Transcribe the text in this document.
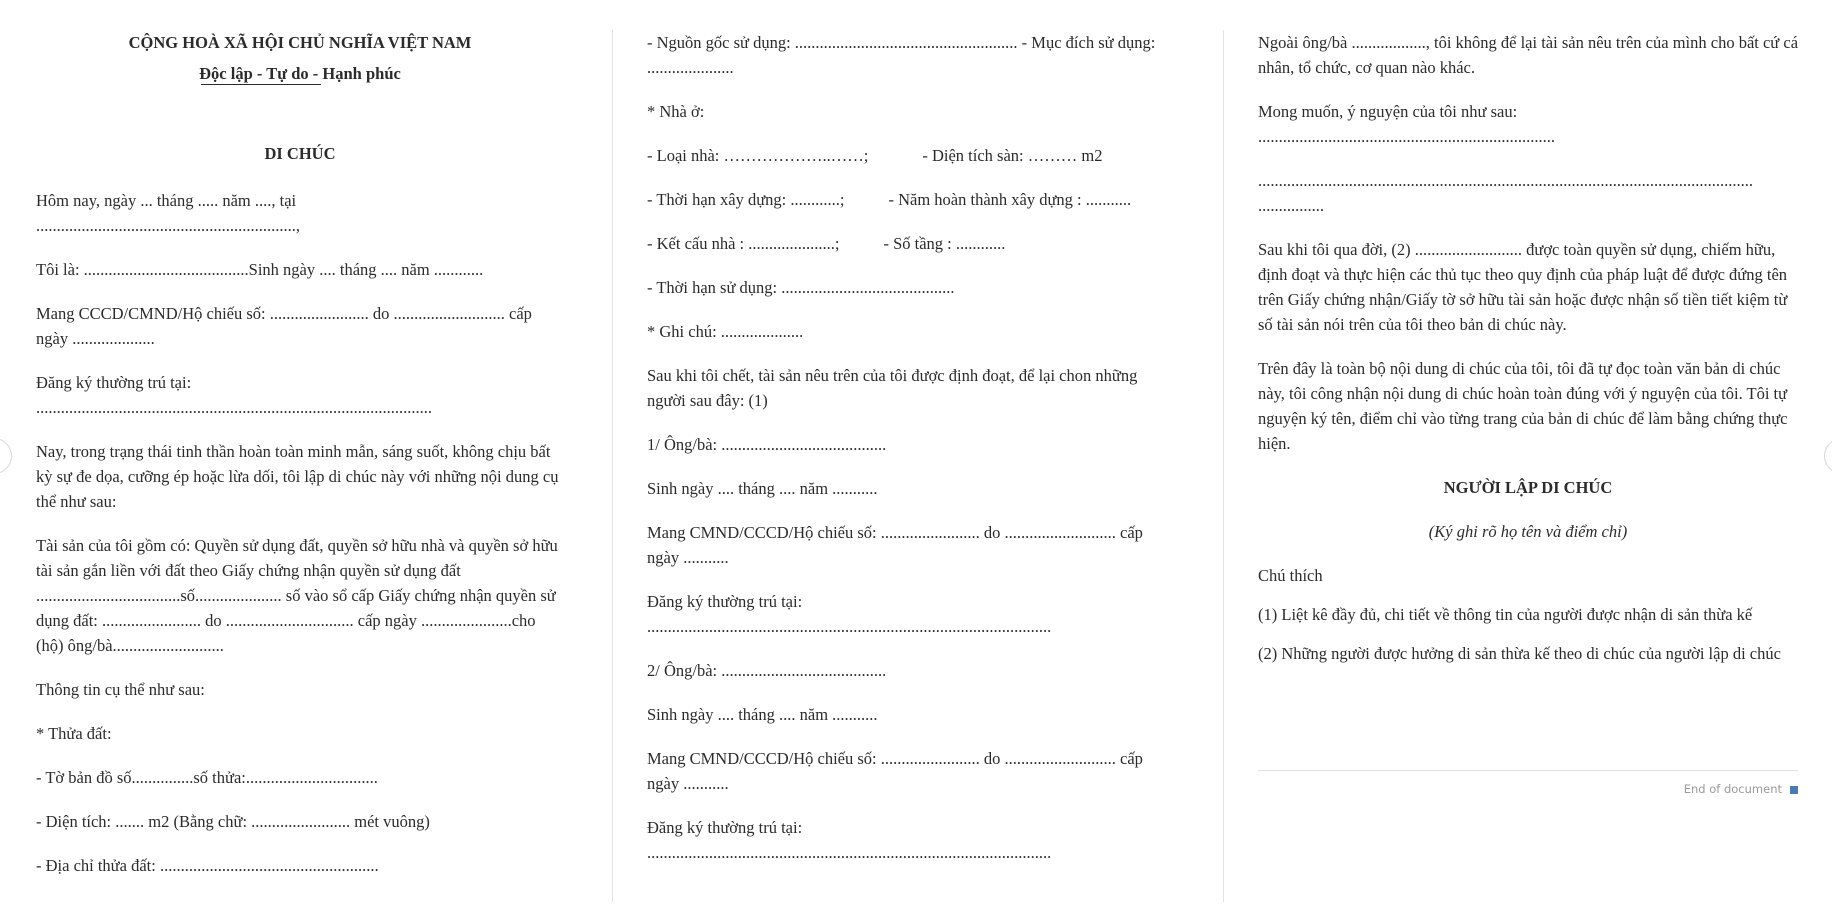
CỘNG HOÀ XÃ HỘI CHỦ NGHĨA VIỆT NAM
Độc lập - Tự do - Hạnh phúc
DI CHÚC
Hôm nay, ngày ... tháng ..... năm ...., tại ...............................................................,
Tôi là: ........................................Sinh ngày .... tháng .... năm ............
Mang CCCD/CMND/Hộ chiếu số: ........................ do ........................... cấp ngày ....................
Đăng ký thường trú tại: ................................................................................................
Nay, trong trạng thái tinh thần hoàn toàn minh mẫn, sáng suốt, không chịu bất kỳ sự đe dọa, cưỡng ép hoặc lừa dối, tôi lập di chúc này với những nội dung cụ thể như sau:
Tài sản của tôi gồm có: Quyền sử dụng đất, quyền sở hữu nhà và quyền sở hữu tài sản gắn liền với đất theo Giấy chứng nhận quyền sử dụng đất ...................................số..................... số vào sổ cấp Giấy chứng nhận quyền sử dụng đất: ........................ do ............................... cấp ngày ......................cho (hộ) ông/bà...........................
Thông tin cụ thể như sau:
* Thửa đất:
- Tờ bản đồ số...............số thửa:................................
- Diện tích: ....... m2 (Bằng chữ: ........................ mét vuông)
- Địa chỉ thửa đất: .....................................................
- Nguồn gốc sử dụng: ...................................................... - Mục đích sử dụng: .....................
* Nhà ở:
- Loại nhà: ………………..……;	- Diện tích sàn: ……… m2
- Thời hạn xây dựng: ............;	- Năm hoàn thành xây dựng : ...........
- Kết cấu nhà : .....................;	- Số tầng : ............
- Thời hạn sử dụng: ..........................................
* Ghi chú: ....................
Sau khi tôi chết, tài sản nêu trên của tôi được định đoạt, để lại chon những người sau đây: (1)
1/ Ông/bà: ........................................
Sinh ngày .... tháng .... năm ...........
Mang CMND/CCCD/Hộ chiếu số: ........................ do ........................... cấp ngày ...........
Đăng ký thường trú tại: ..................................................................................................
2/ Ông/bà: ........................................
Sinh ngày .... tháng .... năm ...........
Mang CMND/CCCD/Hộ chiếu số: ........................ do ........................... cấp ngày ...........
Đăng ký thường trú tại: ..................................................................................................
Ngoài ông/bà .................., tôi không để lại tài sản nêu trên của mình cho bất cứ cá nhân, tổ chức, cơ quan nào khác.
Mong muốn, ý nguyện của tôi như sau: ........................................................................
........................................................................................................................ ................
Sau khi tôi qua đời, (2) .......................... được toàn quyền sử dụng, chiếm hữu, định đoạt và thực hiện các thủ tục theo quy định của pháp luật để được đứng tên trên Giấy chứng nhận/Giấy tờ sở hữu tài sản hoặc được nhận số tiền tiết kiệm từ số tài sản nói trên của tôi theo bản di chúc này.
Trên đây là toàn bộ nội dung di chúc của tôi, tôi đã tự đọc toàn văn bản di chúc này, tôi công nhận nội dung di chúc hoàn toàn đúng với ý nguyện của tôi. Tôi tự nguyện ký tên, điểm chỉ vào từng trang của bản di chúc để làm bằng chứng thực hiện.
NGƯỜI LẬP DI CHÚC
(Ký ghi rõ họ tên và điểm chỉ)
Chú thích
(1) Liệt kê đầy đủ, chi tiết về thông tin của người được nhận di sản thừa kế
(2) Những người được hưởng di sản thừa kế theo di chúc của người lập di chúc
End of document
